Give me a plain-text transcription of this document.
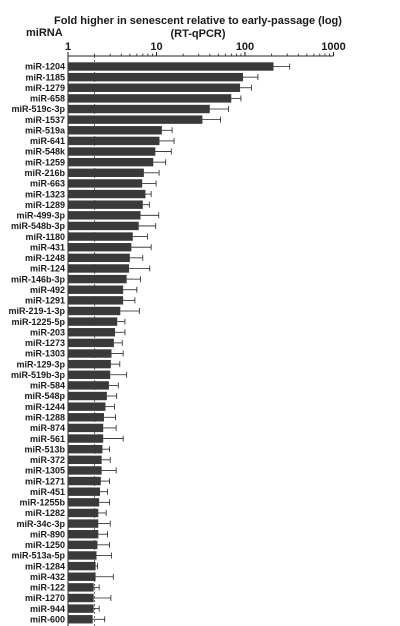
Fold higher in senescent relative to early-passage (log)
(RT-qPCR)
miRNA
1	10	100	1000
miR-1204
miR-1185
miR-1279
miR-658
miR-519c-3p
miR-1537
miR-519a
miR-641
miR-548k
miR-1259
miR-216b
miR-663
miR-1323
miR-1289
miR-499-3p
miR-548b-3p
miR-1180
miR-431
miR-1248
miR-124
miR-146b-3p
miR-492
miR-1291
miR-219-1-3p
miR-1225-5p
miR-203
miR-1273
miR-1303
miR-129-3p
miR-519b-3p
miR-584
miR-548p
miR-1244
miR-1288
miR-874
miR-561
miR-513b
miR-372
miR-1305
miR-1271
miR-451
miR-1255b
miR-1282
miR-34c-3p
miR-890
miR-1250
miR-513a-5p
miR-1284
miR-432
miR-122
miR-1270
miR-944
miR-600
